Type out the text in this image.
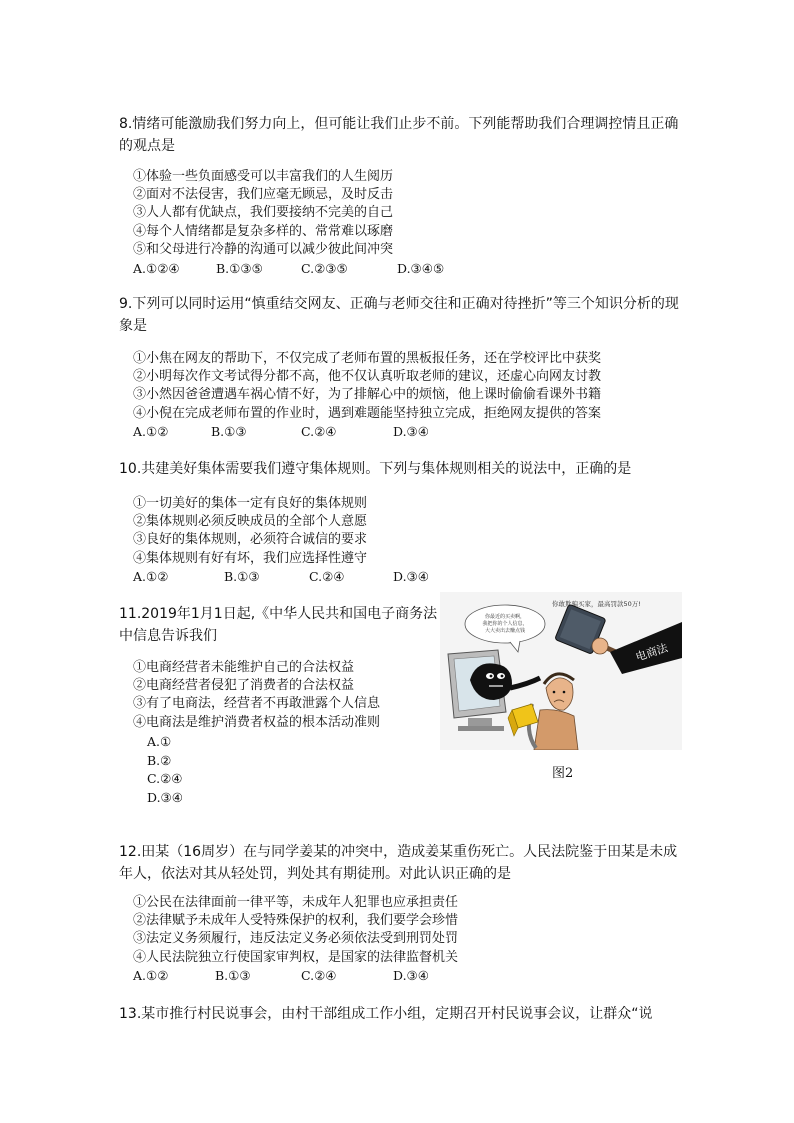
8.情绪可能激励我们努力向上，但可能让我们止步不前。下列能帮助我们合理调控情且正确的观点是
①体验一些负面感受可以丰富我们的人生阅历
②面对不法侵害，我们应毫无顾忌，及时反击
③人人都有优缺点，我们要接纳不完美的自己
④每个人情绪都是复杂多样的、常常难以琢磨
⑤和父母进行冷静的沟通可以减少彼此间冲突
A.①②④	B.①③⑤	C.②③⑤	D.③④⑤
9.下列可以同时运用“慎重结交网友、正确与老师交往和正确对待挫折”等三个知识分析的现象是
①小焦在网友的帮助下，不仅完成了老师布置的黑板报任务，还在学校评比中获奖
②小明每次作文考试得分都不高，他不仅认真听取老师的建议，还虚心向网友讨教
③小然因爸爸遭遇车祸心情不好，为了排解心中的烦恼，他上课时偷偷看课外书籍
④小倪在完成老师布置的作业时，遇到难题能坚持独立完成，拒绝网友提供的答案
A.①②	B.①③	C.②④	D.③④
10.共建美好集体需要我们遵守集体规则。下列与集体规则相关的说法中，正确的是
①一切美好的集体一定有良好的集体规则
②集体规则必须反映成员的全部个人意愿
③良好的集体规则，必须符合诚信的要求
④集体规则有好有坏，我们应选择性遵守
A.①②	B.①③	C.②④	D.③④
11.2019年1月1日起,《中华人民共和国电子商务法
中信息告诉我们
①电商经营者未能维护自己的合法权益
②电商经营者侵犯了消费者的合法权益
③有了电商法，经营者不再敢泄露个人信息
④电商法是维护消费者权益的根本活动准则
A.①
B.②
C.②④
D.③④
你敢欺骗买家，最高罚款50万!
你最近的买卖啊，
我把你的个人信息，
大大卖出去赚点钱
电商法
图2
12.田某（16周岁）在与同学姜某的冲突中，造成姜某重伤死亡。人民法院鉴于田某是未成年人，依法对其从轻处罚，判处其有期徒刑。对此认识正确的是
①公民在法律面前一律平等，未成年人犯罪也应承担责任
②法律赋予未成年人受特殊保护的权利，我们要学会珍惜
③法定义务须履行，违反法定义务必须依法受到刑罚处罚
④人民法院独立行使国家审判权，是国家的法律监督机关
A.①②	B.①③	C.②④	D.③④
13.某市推行村民说事会，由村干部组成工作小组，定期召开村民说事会议，让群众“说
